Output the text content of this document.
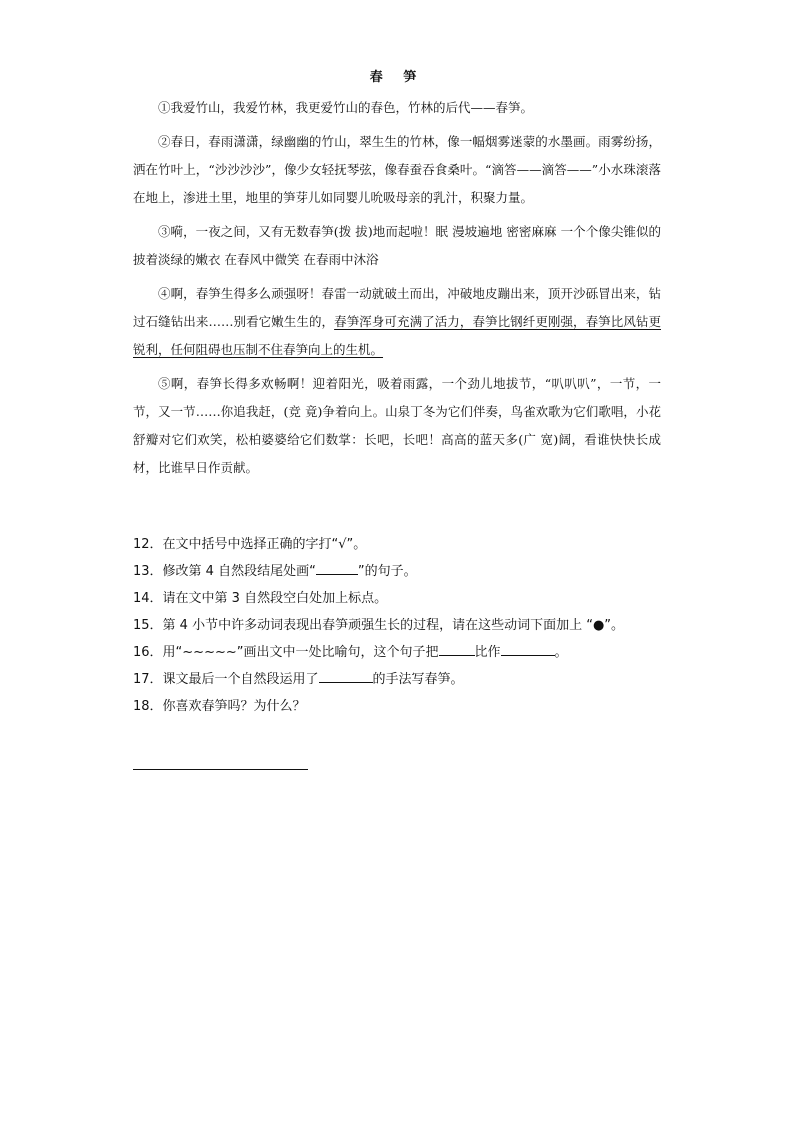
春 笋

①我爱竹山，我爱竹林，我更爱竹山的春色，竹林的后代——春笋。

②春日，春雨潇潇，绿幽幽的竹山，翠生生的竹林，像一幅烟雾迷蒙的水墨画。雨雾纷扬，洒在竹叶上，“沙沙沙沙”，像少女轻抚琴弦，像春蚕吞食桑叶。“滴答——滴答——”小水珠滚落在地上，渗进土里，地里的笋芽儿如同婴儿吮吸母亲的乳汁，积聚力量。

③嗬，一夜之间，又有无数春笋(拨 拔)地而起啦！眠 漫坡遍地 密密麻麻 一个个像尖锥似的披着淡绿的嫩衣 在春风中微笑 在春雨中沐浴

④啊，春笋生得多么顽强呀！春雷一动就破土而出，冲破地皮蹦出来，顶开沙砾冒出来，钻过石缝钻出来……别看它嫩生生的，春笋浑身可充满了活力，春笋比钢纤更刚强，春笋比风钻更锐利，任何阻碍也压制不住春笋向上的生机。

⑤啊，春笋长得多欢畅啊！迎着阳光，吸着雨露，一个劲儿地拔节，“叭叭叭”，一节，一节，又一节……你追我赶，(竞 竟)争着向上。山泉丁冬为它们伴奏，鸟雀欢歌为它们歌唱，小花舒瓣对它们欢笑，松柏婆婆给它们数掌：长吧，长吧！高高的蓝天多(广 宽)阔，看谁快快长成材，比谁早日作贡献。

12．在文中括号中选择正确的字打“√”。
13．修改第 4 自然段结尾处画“	”的句子。
14．请在文中第 3 自然段空白处加上标点。
15．第 4 小节中许多动词表现出春笋顽强生长的过程，请在这些动词下面加上 “●”。
16．用“~~~~~”画出文中一处比喻句，这个句子把	比作	。
17．课文最后一个自然段运用了	的手法写春笋。
18．你喜欢春笋吗？为什么？
